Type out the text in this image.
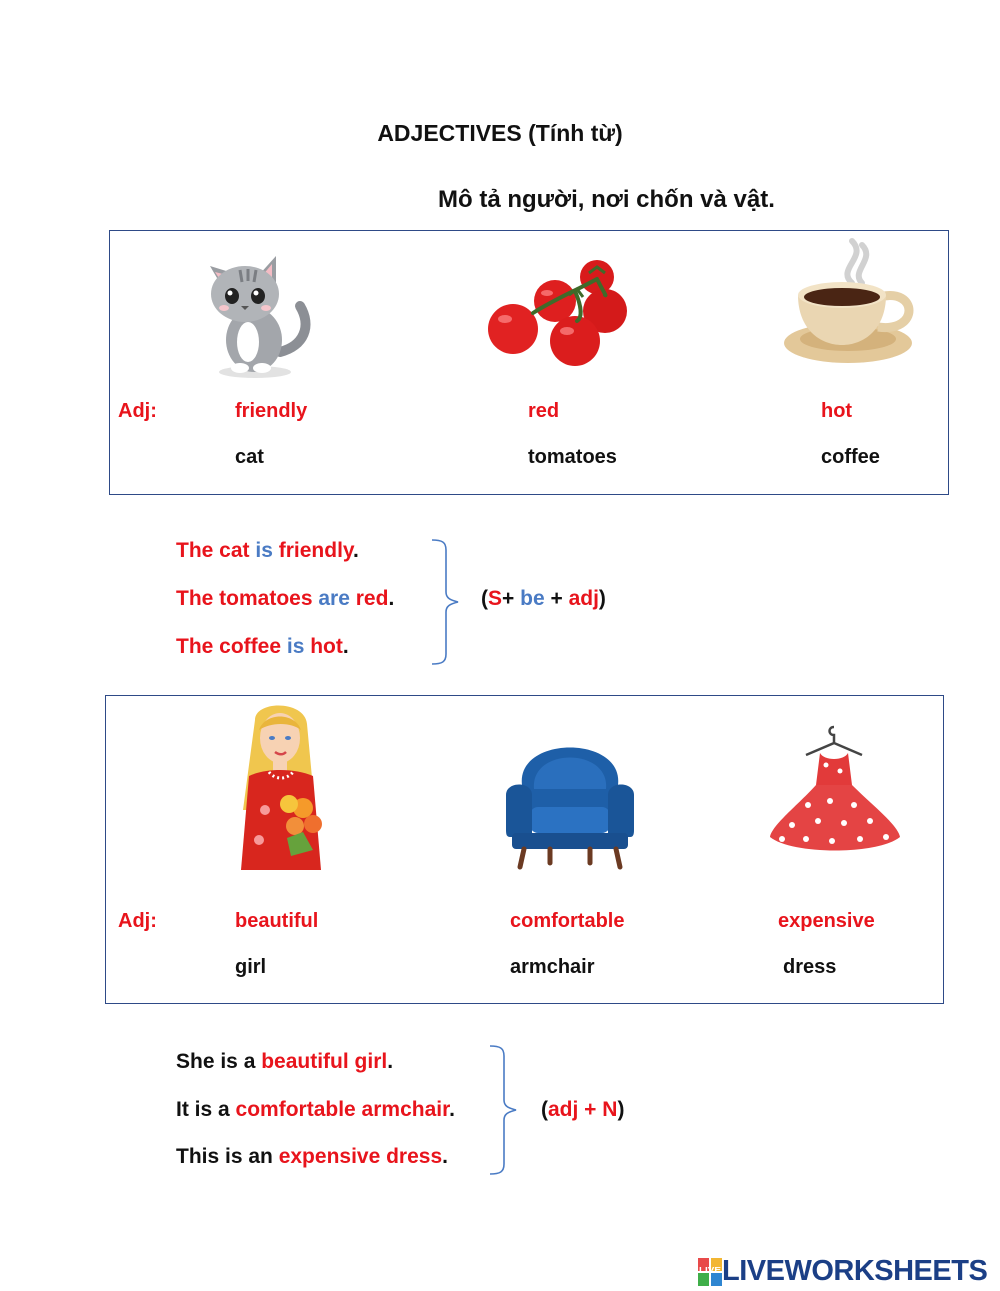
ADJECTIVES (Tính từ)
Mô tả người, nơi chốn và vật.
Adj:	friendly	red	hot
cat	tomatoes	coffee
The cat is friendly.
The tomatoes are red.
The coffee is hot.
(S+ be + adj)
Adj:	beautiful	comfortable	expensive
girl	armchair	dress
She is a beautiful girl.
It is a comfortable armchair.
This is an expensive dress.
(adj + N)
LIVE LIVEWORKSHEETS
